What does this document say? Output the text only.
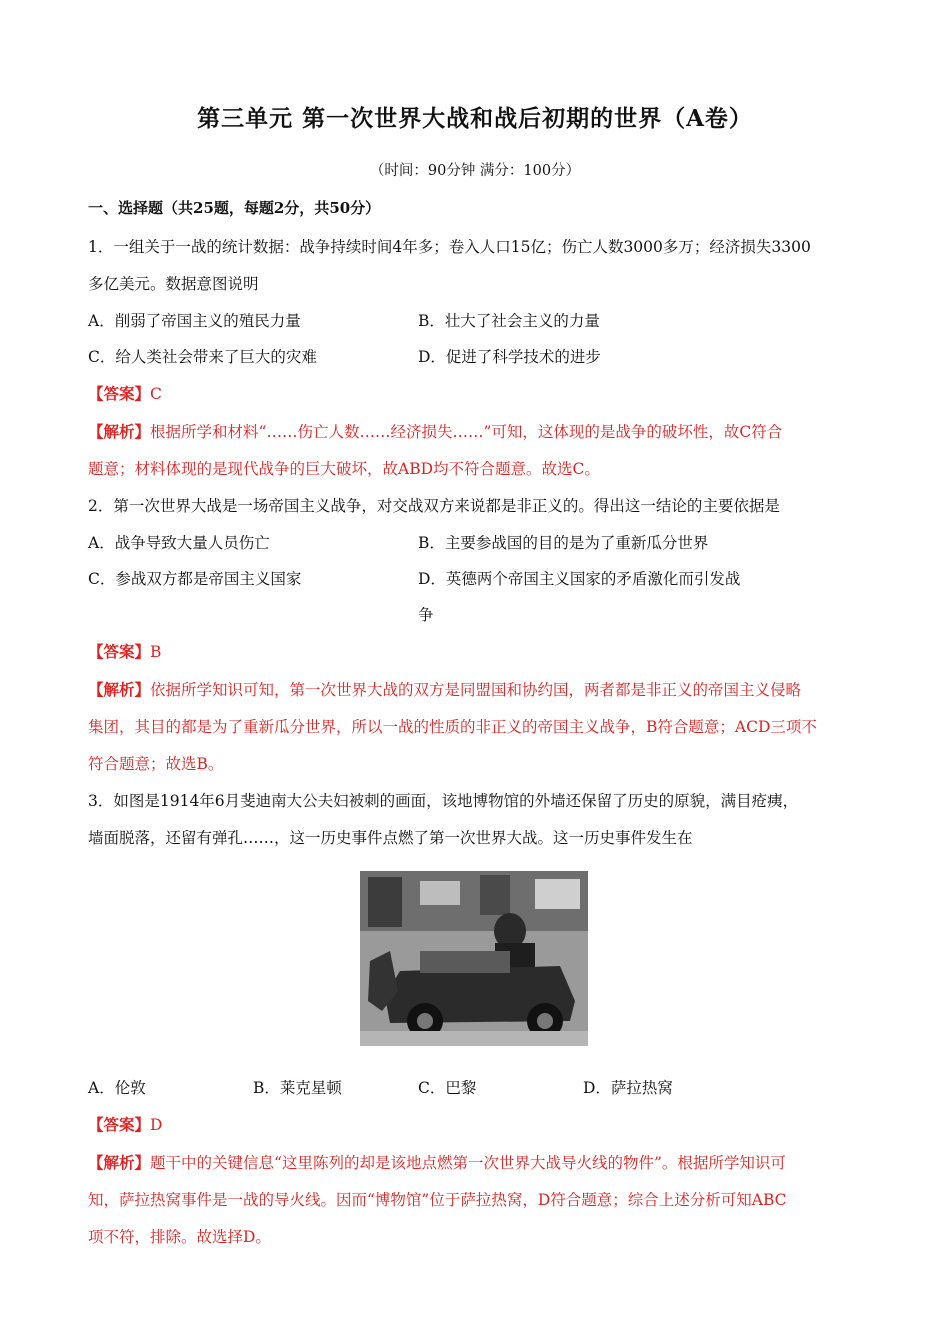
第三单元 第一次世界大战和战后初期的世界（A卷）
（时间：90分钟 满分：100分）
一、选择题（共25题，每题2分，共50分）
1．一组关于一战的统计数据：战争持续时间4年多；卷入人口15亿；伤亡人数3000多万；经济损失3300
多亿美元。数据意图说明
A．削弱了帝国主义的殖民力量	B．壮大了社会主义的力量
C．给人类社会带来了巨大的灾难	D．促进了科学技术的进步
【答案】C
【解析】根据所学和材料“……伤亡人数……经济损失……”可知，这体现的是战争的破坏性，故C符合
题意；材料体现的是现代战争的巨大破坏，故ABD均不符合题意。故选C。
2．第一次世界大战是一场帝国主义战争，对交战双方来说都是非正义的。得出这一结论的主要依据是
A．战争导致大量人员伤亡	B．主要参战国的目的是为了重新瓜分世界
C．参战双方都是帝国主义国家	D．英德两个帝国主义国家的矛盾激化而引发战争
【答案】B
【解析】依据所学知识可知，第一次世界大战的双方是同盟国和协约国，两者都是非正义的帝国主义侵略
集团，其目的都是为了重新瓜分世界，所以一战的性质的非正义的帝国主义战争，B符合题意；ACD三项不
符合题意；故选B。
3．如图是1914年6月斐迪南大公夫妇被刺的画面，该地博物馆的外墙还保留了历史的原貌，满目疮痍，
墙面脱落，还留有弹孔……，这一历史事件点燃了第一次世界大战。这一历史事件发生在
A．伦敦	B．莱克星顿	C．巴黎	D．萨拉热窝
【答案】D
【解析】题干中的关键信息“这里陈列的却是该地点燃第一次世界大战导火线的物件”。根据所学知识可
知，萨拉热窝事件是一战的导火线。因而“博物馆”位于萨拉热窝，D符合题意；综合上述分析可知ABC
项不符，排除。故选择D。
